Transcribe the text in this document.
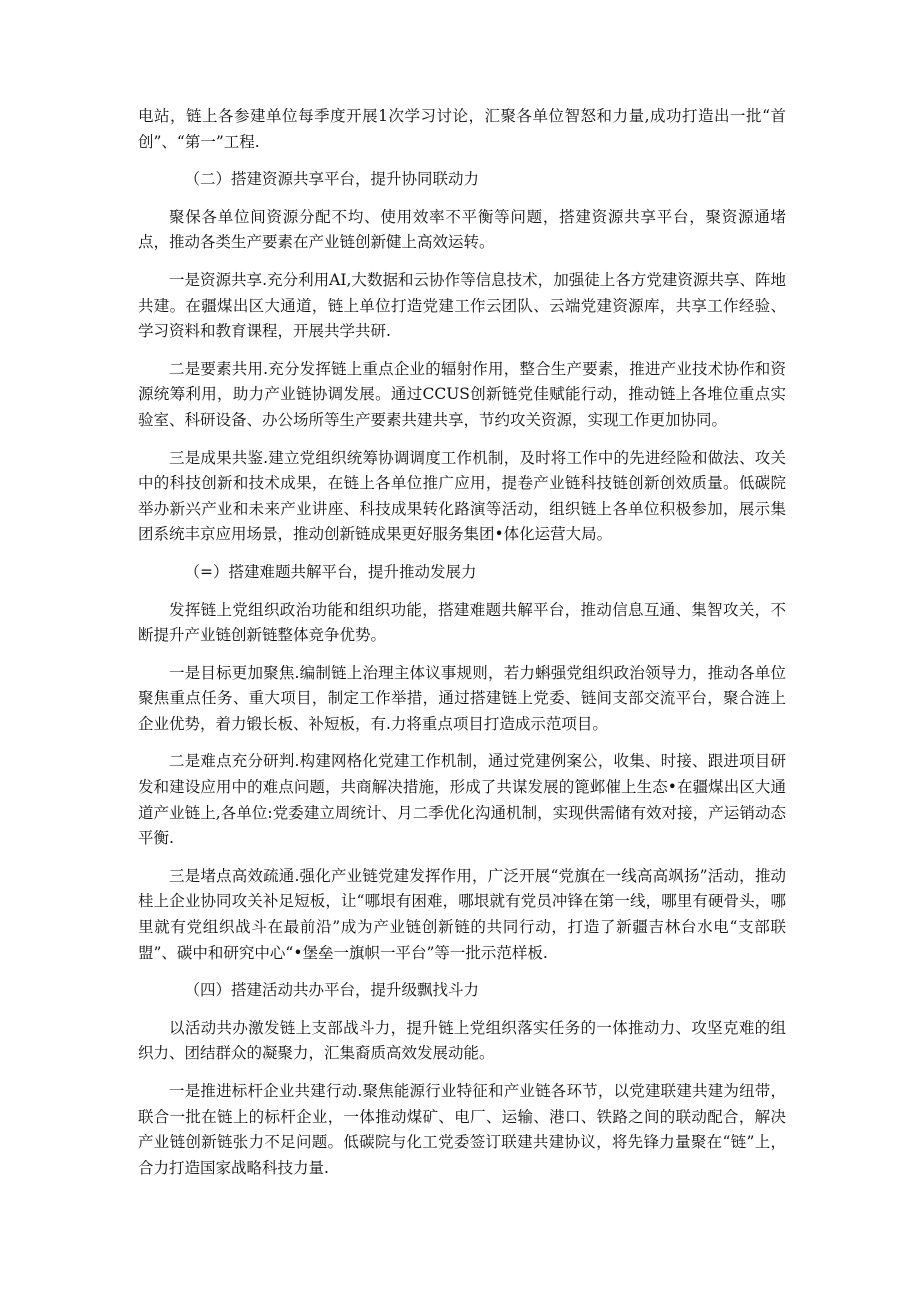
电站，链上各参建单位每季度开展1次学习讨论，汇聚各单位智怒和力量,成功打造出一批“首创”、“第一”工程.

（二）搭建资源共享平台，提升协同联动力

聚保各单位间资源分配不均、使用效率不平衡等问题，搭建资源共享平台，聚资源通堵点，推动各类生产要素在产业链创新健上高效运转。

一是资源共享.充分利用AI,大数据和云协作等信息技术，加强徒上各方党建资源共享、阵地共建。在疆煤出区大通道，链上单位打造党建工作云团队、云端党建资源库，共享工作经验、学习资料和教育课程，开展共学共研.

二是要素共用.充分发挥链上重点企业的辐射作用，整合生产要素，推进产业技术协作和资源统筹利用，助力产业链协调发展。通过CCUS创新链党佳赋能行动，推动链上各堆位重点实验室、科研设备、办公场所等生产要素共建共享，节约攻关资源，实现工作更加协同。

三是成果共鉴.建立党组织统筹协调调度工作机制，及时将工作中的先进经险和做法、攻关中的科技创新和技术成果，在链上各单位推广应用，提卷产业链科技链创新创效质量。低碳院举办新兴产业和未来产业讲座、科技成果转化路演等活动，组织链上各单位积极参加，展示集团系统丰京应用场景，推动创新链成果更好服务集团•体化运营大局。

（=）搭建难题共解平台，提升推动发展力

发挥链上党组织政治功能和组织功能，搭建难题共解平台，推动信息互通、集智攻关，不断提升产业链创新链整体竞争优势。

一是目标更加聚焦.编制链上治理主体议事规则，若力蝌强党组织政治领导力，推动各单位聚焦重点任务、重大项目，制定工作举措，通过搭建链上党委、链间支部交流平台，聚合涟上企业优势，着力锻长板、补短板，有.力将重点项目打造成示范项目。

二是难点充分研判.构建网格化党建工作机制，通过党建例案公，收集、时接、跟进项目研发和建设应用中的难点问题，共商解决措施，形成了共谋发展的篦邺催上生态•在疆煤出区大通道产业链上,各单位:党委建立周统计、月二季优化沟通机制，实现供需储有效对接，产运销动态平衡.

三是堵点高效疏通.强化产业链党建发挥作用，广泛开展“党旗在一线高高飒扬”活动，推动桂上企业协同攻关补足短板，让“哪垠有困难，哪垠就有党员冲锋在第一线，哪里有硬骨头，哪里就有党组织战斗在最前沿”成为产业链创新链的共同行动，打造了新疆吉林台水电“支部联盟”、碳中和研究中心“•堡垒一旗帜一平台”等一批示范样板.

（四）搭建活动共办平台，提升级飘找斗力

以活动共办激发链上支部战斗力，提升链上党组织落实任务的一体推动力、攻坚克难的组织力、团结群众的凝聚力，汇集裔质高效发展动能。

一是推进标杆企业共建行动.聚焦能源行业特征和产业链各环节，以党建联建共建为纽带，联合一批在链上的标杆企业，一体推动煤矿、电厂、运输、港口、铁路之间的联动配合，解决产业链创新链张力不足问题。低碳院与化工党委签订联建共建协议，将先锋力量聚在“链”上，合力打造国家战略科技力量.
